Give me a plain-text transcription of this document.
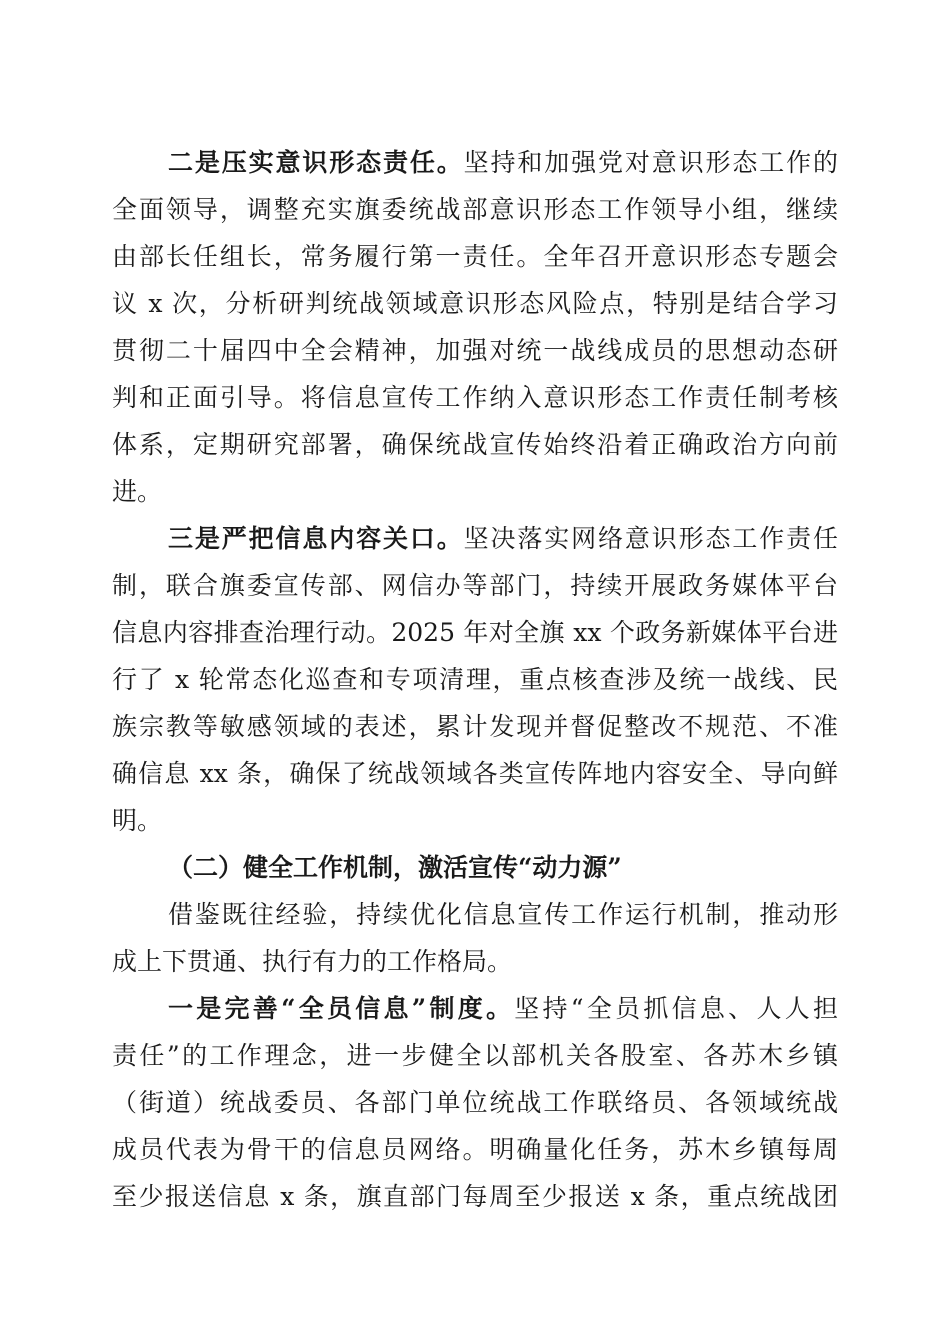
二是压实意识形态责任。坚持和加强党对意识形态工作的

全面领导，调整充实旗委统战部意识形态工作领导小组，继续

由部长任组长，常务履行第一责任。全年召开意识形态专题会

议 x 次，分析研判统战领域意识形态风险点，特别是结合学习

贯彻二十届四中全会精神，加强对统一战线成员的思想动态研

判和正面引导。将信息宣传工作纳入意识形态工作责任制考核

体系，定期研究部署，确保统战宣传始终沿着正确政治方向前

进。

三是严把信息内容关口。坚决落实网络意识形态工作责任

制，联合旗委宣传部、网信办等部门，持续开展政务媒体平台

信息内容排查治理行动。2025 年对全旗 xx 个政务新媒体平台进

行了 x 轮常态化巡查和专项清理，重点核查涉及统一战线、民

族宗教等敏感领域的表述，累计发现并督促整改不规范、不准

确信息 xx 条，确保了统战领域各类宣传阵地内容安全、导向鲜

明。

（二）健全工作机制，激活宣传“动力源”

借鉴既往经验，持续优化信息宣传工作运行机制，推动形

成上下贯通、执行有力的工作格局。

一是完善“全员信息”制度。坚持“全员抓信息、人人担

责任”的工作理念，进一步健全以部机关各股室、各苏木乡镇

（街道）统战委员、各部门单位统战工作联络员、各领域统战

成员代表为骨干的信息员网络。明确量化任务，苏木乡镇每周

至少报送信息 x 条，旗直部门每周至少报送 x 条，重点统战团
